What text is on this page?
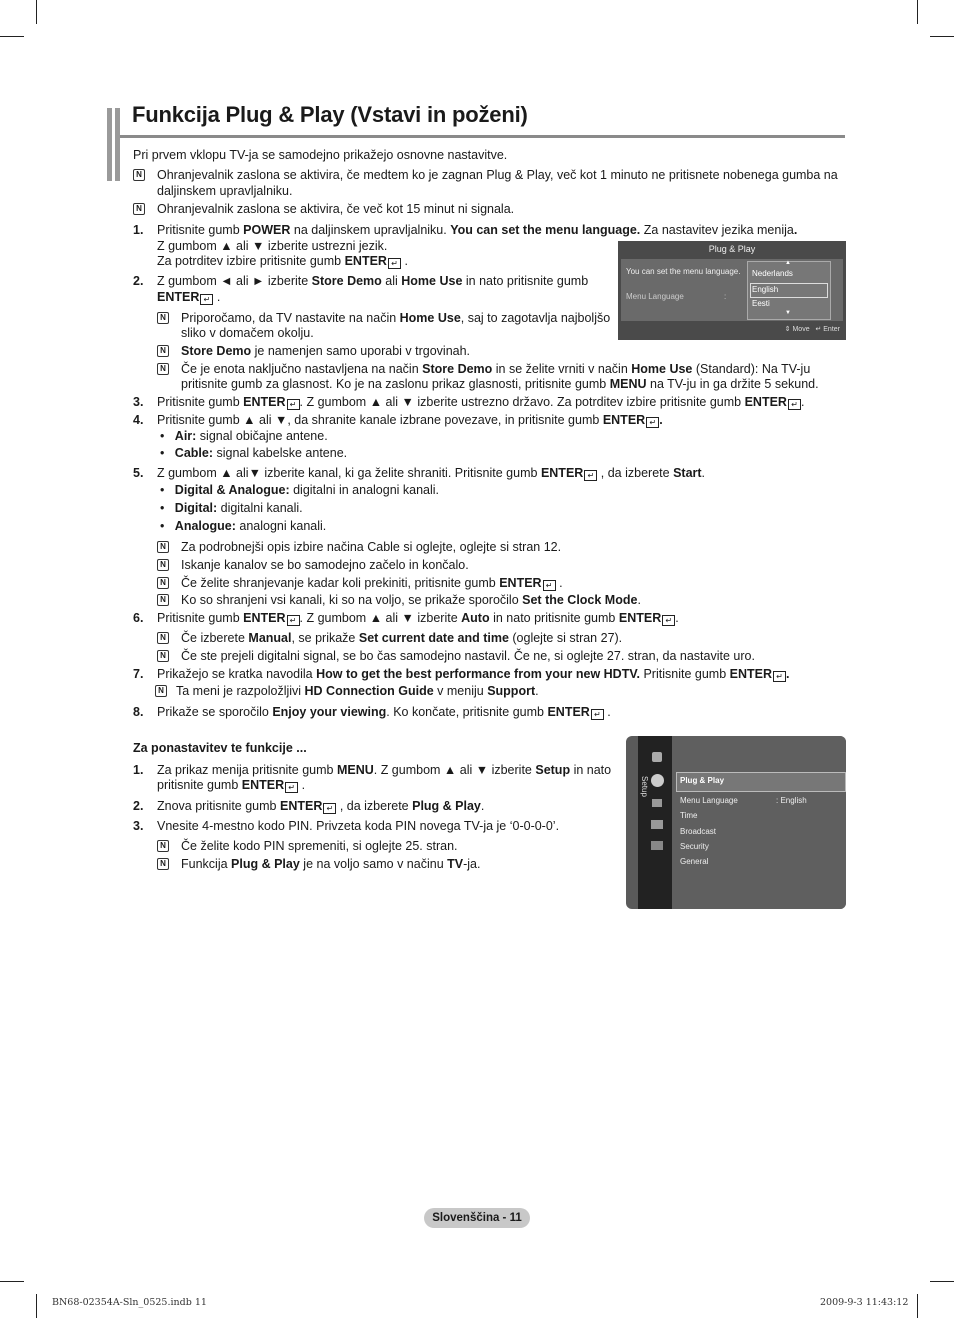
Funkcija Plug & Play (Vstavi in poženi)
Pri prvem vklopu TV-ja se samodejno prikažejo osnovne nastavitve.
N Ohranjevalnik zaslona se aktivira, če medtem ko je zagnan Plug & Play, več kot 1 minuto ne pritisnete nobenega gumba na
daljinskem upravljalniku.
N Ohranjevalnik zaslona se aktivira, če več kot 15 minut ni signala.
1. Pritisnite gumb POWER na daljinskem upravljalniku. You can set the menu language. Za nastavitev jezika menija.
Z gumbom ▲ ali ▼ izberite ustrezni jezik.
Za potrditev izbire pritisnite gumb ENTER ↵ .
2. Z gumbom ◄ ali ► izberite Store Demo ali Home Use in nato pritisnite gumb
ENTER ↵ .
N Priporočamo, da TV nastavite na način Home Use, saj to zagotavlja najboljšo
sliko v domačem okolju.
N Store Demo je namenjen samo uporabi v trgovinah.
N Če je enota naključno nastavljena na način Store Demo in se želite vrniti v način Home Use (Standard): Na TV-ju
pritisnite gumb za glasnost. Ko je na zaslonu prikaz glasnosti, pritisnite gumb MENU na TV-ju in ga držite 5 sekund.
3. Pritisnite gumb ENTER ↵ . Z gumbom ▲ ali ▼ izberite ustrezno državo. Za potrditev izbire pritisnite gumb ENTER ↵ .
4. Pritisnite gumb ▲ ali ▼, da shranite kanale izbrane povezave, in pritisnite gumb ENTER ↵ .
•   Air: signal običajne antene.
•   Cable: signal kabelske antene.
5. Z gumbom ▲ ali▼ izberite kanal, ki ga želite shraniti. Pritisnite gumb ENTER ↵ , da izberete Start.
•   Digital & Analogue: digitalni in analogni kanali.
•   Digital: digitalni kanali.
•   Analogue: analogni kanali.
N Za podrobnejši opis izbire načina Cable si oglejte, oglejte si stran 12.
N Iskanje kanalov se bo samodejno začelo in končalo.
N Če želite shranjevanje kadar koli prekiniti, pritisnite gumb ENTER ↵ .
N Ko so shranjeni vsi kanali, ki so na voljo, se prikaže sporočilo Set the Clock Mode.
6. Pritisnite gumb ENTER ↵ . Z gumbom ▲ ali ▼ izberite Auto in nato pritisnite gumb ENTER ↵ .
N Če izberete Manual, se prikaže Set current date and time (oglejte si stran 27).
N Če ste prejeli digitalni signal, se bo čas samodejno nastavil. Če ne, si oglejte 27. stran, da nastavite uro.
7. Prikažejo se kratka navodila How to get the best performance from your new HDTV. Pritisnite gumb ENTER ↵ .
N Ta meni je razpoložljivi HD Connection Guide v meniju Support.
8. Prikaže se sporočilo Enjoy your viewing. Ko končate, pritisnite gumb ENTER ↵ .
Za ponastavitev te funkcije ...
1. Za prikaz menija pritisnite gumb MENU. Z gumbom ▲ ali ▼ izberite Setup in nato
pritisnite gumb ENTER ↵ .
2. Znova pritisnite gumb ENTER ↵ , da izberete Plug & Play.
3. Vnesite 4-mestno kodo PIN. Privzeta koda PIN novega TV-ja je ‘0-0-0-0’.
N Če želite kodo PIN spremeniti, si oglejte 25. stran.
N Funkcija Plug & Play je na voljo samo v načinu TV-ja.
Plug & Play
You can set the menu language.
Menu Language	:
▲
Nederlands
English
Eesti
▼
⇕ Move ↵ Enter
Setup	Plug & Play
Menu Language	: English
Time
Broadcast
Security
General
Slovenščina - 11
BN68-02354A-Sln_0525.indb 11	2009-9-3 11:43:12
